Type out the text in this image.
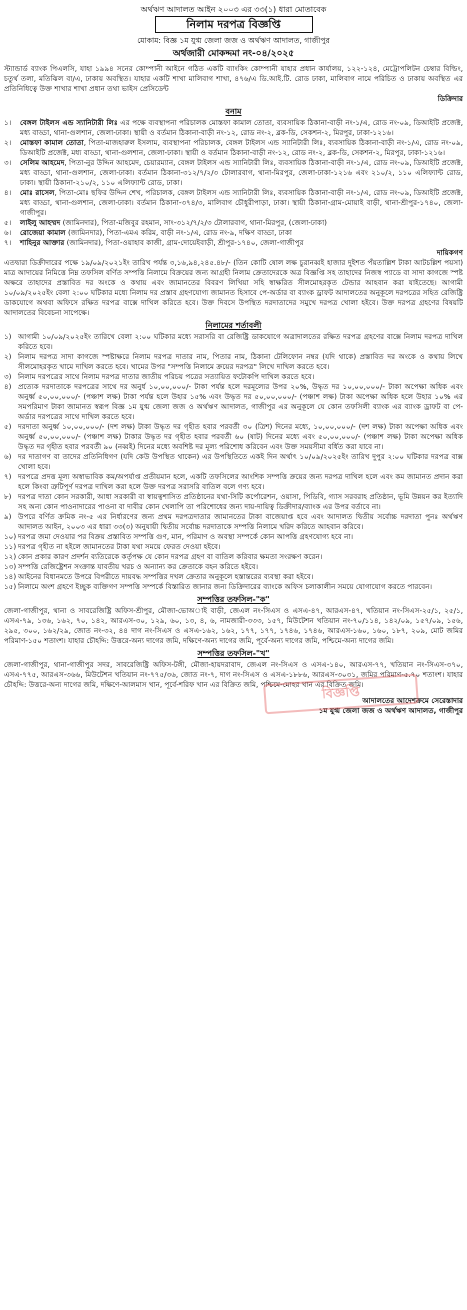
অর্থঋণ আদালত আইন ২০০৩ এর ৩৩(১) ধারা মোতাবেক
নিলাম দরপত্র বিজ্ঞপ্তি
মোকাম: বিজ্ঞ ১ম যুগ্ম জেলা জজ ও অর্থঋণ আদালত, গাজীপুর
অর্থজারী মোকদ্দমা নং-০৪/২০২৫

স্ট্যান্ডার্ড ব্যাংক পিএলসি, যাহা ১৯৯৪ সনের কোম্পানী আইনে গঠিত একটি ব্যাংকিং কোম্পানী যাহার প্রধান কার্যালয়, ১২২-১২৪, মেট্রোপলিটন চেম্বার বিল্ডিং, চতুর্থ তলা, মতিঝিল বা/এ, ঢাকায় অবস্থিত। যাহার একটি শাখা মালিবাগ শাখা, ৪৭৬/এ ডি.আই.টি. রোড ঢাকা, মালিবাগ নামে পরিচিত ও ঢাকায় অবস্থিত এর প্রতিনিধিত্বে উক্ত শাখার শাখা প্রধান তথা ভাইস প্রেসিডেন্ট

ডিক্রিদার
বনাম
১।	বেঙ্গল টাইলস এন্ড স্যানিটারী লিঃ এর পক্ষে ব্যবস্থাপনা পরিচালক মোস্তফা কামাল তোতা, ব্যবসায়িক ঠিকানা-বাড়ী নং-১/এ, রোড নং-০৯, ডিআইটি প্রজেক্ট, মধ্য বাড্ডা, থানা-গুলশান, জেলা-ঢাকা। স্থায়ী ও বর্তমান ঠিকানা-বাড়ী নং-১২, রোড নং-২, ব্লক-ডি, সেকশন-২, মিরপুর, ঢাকা-১২১৬।
২।	মোস্তফা কামাল তোতা, পিতা-মাজহারুল ইসলাম, ব্যবস্থাপনা পরিচালক, বেঙ্গল টাইলস এন্ড স্যানিটারী লিঃ, ব্যবসায়িক ঠিকানা-বাড়ী নং-১/এ, রোড নং-০৯, ডিআইটি প্রজেক্ট, মধ্য বাড্ডা, থানা-গুলশান, জেলা-ঢাকা। স্থায়ী ও বর্তমান ঠিকানা-বাড়ী নং-১২, রোড নং-২, ব্লক-ডি, সেকশন-২, মিরপুর, ঢাকা-১২১৬।
৩।	সেলিম আহমেদ, পিতা-নুর উদ্দিন আহমেদ, চেয়ারম্যান, বেঙ্গল টাইলস এন্ড স্যানিটারী লিঃ, ব্যবসায়িক ঠিকানা-বাড়ী নং-১/এ, রোড নং-০৯, ডিআইটি প্রজেক্ট, মধ্য বাড্ডা, থানা-গুলশান, জেলা-ঢাকা। বর্তমান ঠিকানা-৩১২/৭/২/৩ টোলারবাগ, থানা-মিরপুর, জেলা-ঢাকা-১২১৬ এবং ২১০/২, ১১০ এলিফ্যান্ট রোড, ঢাকা। স্থায়ী ঠিকানা-২১০/২, ১১০ এলিফ্যান্ট রোড, ঢাকা।
৪।	মোঃ রাসেল, পিতা-মোঃ ছফির উদ্দিন শেখ, পরিচালক, বেঙ্গল টাইলস এন্ড স্যানিটারী লিঃ, ব্যবসায়িক ঠিকানা-বাড়ী নং-১/এ, রোড নং-০৯, ডিআইটি প্রজেক্ট, মধ্য বাড্ডা, থানা-গুলশান, জেলা-ঢাকা। বর্তমান ঠিকানা-৩৭৪/৩, মালিবাগ চৌধুরীপাড়া, ঢাকা। স্থায়ী ঠিকানা-গ্রাম-মোয়াই বাড়ী, থানা-শ্রীপুর-১৭৪০, জেলা-গাজীপুর।
৫।	লাইলু আহম্মদ (জামিনদার), পিতা-মজিবুর রহমান, সাং-৩১২/৭/২/৩ টোলারবাগ, থানা-মিরপুর, (জেলা-ঢাকা)
৬।	রোজেয়া কামাল (জামিনদার), পিতা-এমএ করিম, বাড়ী নং-১/এ, রোড নং-৯, দক্ষিণ বাড্ডা, ঢাকা
৭।	শাহিনুর আক্তার (জামিনদার), পিতা-ওয়াহাব কাজী, গ্রাম-দোয়েইবাড়ী, শ্রীপুর-১৭৪০, জেলা-গাজীপুর
দায়িকগণ

এতদ্বারা ডিক্রীদারের পক্ষে ১৯/০৯/২০২১ইং তারিখ পর্যন্ত ৩,১৬,৯৪,২৪৫.৪৮/- (তিন কোটি ষোল লক্ষ চুরানব্বই হাজার দুইশত পঁয়তাল্লিশ টাকা আটচল্লিশ পয়সা) মাত্র আদায়ের নিমিত্তে নিম্ন তফসিল বর্ণিত সম্পত্তি নিলামে বিক্রয়ের জন্য আগ্রহী নিলাম ক্রেতাদেরকে অত্র বিজ্ঞপ্তি সহ তাহাদের নিজস্ব প্যাডে বা সাদা কাগজে স্পষ্ট অক্ষরে তাহাদের প্রস্তাবিত দর অংকে ও কথায় এবং জামানতের বিবরণ লিখিয়া সহি স্বাক্ষরিত সীলমোহরকৃত টেন্ডার আহবান করা যাইতেছে। আগামী ১০/০৯/২০২৫ইং বেলা ২:০০ ঘটিকার মধ্যে নিলাম দর প্রস্তাব গ্রহণযোগ্য জামানত হিসাবে পে-অর্ডার বা ব্যাংক ড্রাফট আদালতের অনুকূলে দরপত্রের সহিত রেজিষ্ট্রি ডাকযোগে অথবা অফিসে রক্ষিত দরপত্র বাক্সে দাখিল করিতে হবে। উক্ত দিবসে উপস্থিত দরদাতাদের সমুখে দরপত্র খোলা হইবে। উক্ত দরপত্র গ্রহণের বিষয়টি আদালতের বিবেচনা সাপেক্ষে।

নিলামের শর্তাবলী
১) আগামী ১০/০৯/২০২৫ইং তারিখে বেলা ২:০০ ঘটিকার মধ্যে সরাসরি বা রেজিষ্ট্রি ডাকযোগে অত্রাদালতের রক্ষিত দরপত্র গ্রহণের বাক্সে নিলাম দরপত্র দাখিল করিতে হবে।
২) নিলাম দরপত্র সাদা কাগজে স্পষ্টাক্ষরে নিলাম দরপত্র দাতার নাম, পিতার নাম, ঠিকানা টেলিফোন নম্বর (যদি থাকে) প্রস্তাবিত দর অংকে ও কথায় লিখে সীলমোহরকৃত খামে দাখিল করতে হবে। খামের উপর "সম্পত্তি নিলামে ক্রয়ের দরপত্র" লিখে দাখিল করতে হবে।
৩) নিলাম দরপত্রের সাথে নিলাম দরপত্র দাতার জাতীয় পরিচয় পত্রের সত্যায়িত ফটোকপি দাখিল করতে হবে।
৪) প্রত্যেক দরদাতাকে দরপত্রের সাথে দর অনুর্ধ ১০,০০,০০০/- টাকা পর্যন্ত হলে দরমূল্যের উপর ২০%, উদ্ধৃত দর ১০,০০,০০০/- টাকা অপেক্ষা অধিক এবং অনুর্ধ্ব ৫০,০০,০০০/- (পঞ্চাশ লক্ষ) টাকা পর্যন্ত হলে উহার ১৫% এবং উদ্ধৃত দর ৫০,০০,০০০/- (পঞ্চাশ লক্ষ) টাকা অপেক্ষা অধিক হলে উহার ১০% এর সমপরিমাণ টাকা জামানত স্বরূপ বিজ্ঞ ১ম যুগ্ম জেলা জজ ও অর্থঋণ আদালত, গাজীপুর এর অনুকূলে যে কোন তফসিলী ব্যাংক এর ব্যাংক ড্রাফট বা পে-অর্ডার দরপত্রের সাথে দাখিল করতে হবে।
৫) দরদাতা অনুর্ধ্ব ১০,০০,০০০/- (দশ লক্ষ) টাকা উদ্ধৃত দর গৃহীত হবার পরবর্তী ৩০ (ত্রিশ) দিনের মধ্যে, ১০,০০,০০০/- (দশ লক্ষ) টাকা অপেক্ষা অধিক এবং অনুর্ধ্ব ৫০,০০,০০০/- (পঞ্চাশ লক্ষ) টাকার উদ্ধৃত দর গৃহীত হবার পরবর্তী ৬০ (ষাট) দিনের মধ্যে এবং ৫০,০০,০০০/- (পঞ্চাশ লক্ষ) টাকা অপেক্ষা অধিক উদ্ধৃত দর গৃহীত হবার পরবর্তী ৯০ (নব্বই) দিনের মধ্যে অবশিষ্ট দর মূল্য পরিশোধ করিবেন এবং উক্ত সময়সীমা বর্ধিত করা যাবে না।
৬) দর দাতাগণ বা তাদের প্রতিনিধিগণ (যদি কেউ উপস্থিত থাকেন) এর উপস্থিতিতে একই দিন অর্থাৎ ১০/০৯/২০২৫ইং তারিখ দুপুর ২:০০ ঘটিকার দরপত্র বাক্স খোলা হবে।
৭) দরপত্রে প্রদত্ত মূল্য অস্বাভাবিক কম/অপর্যাপ্ত প্রতীয়মান হলে, একটি তফসিলের আংশিক সম্পত্তি ক্রয়ের জন্য দরপত্র দাখিল হলে এবং কম জামানত প্রদান করা হলে কিংবা ত্রুটিপূর্ণ দরপত্র দাখিল করা হলে উক্ত দরপত্র সরাসরি বাতিল বলে গণ্য হবে।
৮) দরপত্র দাতা কোন সরকারী, আধা সরকারী বা স্বায়ত্বশাসিত প্রতিষ্ঠানের যথা-সিটি কর্পোরেশন, ওয়াসা, পিডিবি, গ্যাস সরবরাহ প্রতিষ্ঠান, ভূমি উন্নয়ন কর ইত্যাদি সহ অন্য কোন পাওনাদারের পাওনা বা দাবীর কোন খেলাপি তা পরিশোধের জন্য দায়-দায়িত্ব ডিক্রীদার/ব্যাংক এর উপর বর্তাবে না।
৯) উপরে বর্ণিত ক্রমিক নং-৫ এর নির্ধারণের জন্য প্রথম দরপত্রদাতার জামানতের টাকা বাজেয়াপ্ত হবে এবং আদালত দ্বিতীয় সর্বোচ্চ দরদাতা পুনঃ অর্থঋণ আদালত আইন, ২০০৩ এর ধারা ৩৩(৩) অনুযায়ী দ্বিতীয় সর্বোচ্চ দরদাতাকে সম্পত্তি নিলামে খরিদ করিতে আহবান করিবে।
১০) দরপত্র জমা দেওয়ার পর বিক্রয় প্রস্তাবিত সম্পত্তি গুণ, মান, পরিমাণ ও অবস্থা সম্পর্কে কোন আপত্তি গ্রহণযোগ্য হবে না।
১১) দরপত্র গৃহীত না হইলে জামানতের টাকা যথা সময়ে ফেরত দেওয়া হইবে।
১২) কোন প্রকার কারণ প্রদর্শন ব্যতিরেকে কর্তৃপক্ষ যে কোন দরপত্র গ্রহণ বা বাতিল করিবার ক্ষমতা সংরক্ষণ করেন।
১৩) সম্পত্তি রেজিষ্ট্রেশন সংক্রান্ত যাবতীয় খরচ ও অন্যান্য কর ক্রেতাকে বহন করিতে হইবে।
১৪) আইনের বিধানমতে উপরে বিপরীতে দায়বদ্ধ সম্পত্তির দখল ক্রেতার অনুকূলে হস্তান্তরের ব্যবস্থা করা হইবে।
১৫) নিলামে অংশ গ্রহণে ইচ্ছুক ব্যক্তিগণ সম্পত্তি সম্পর্কে বিস্তারিত জানার জন্য ডিক্রিদারের ব্যাংকে অফিস চলাকালীন সময়ে যোগাযোগ করতে পারবেন।
বিজ্ঞপ্তি
সম্পত্তির তফসিল-"ক"

জেলা-গাজীপুর, থানা ও সাবরেজিষ্ট্রি অফিস-শ্রীপুর, মৌজা-ভোঅাই বাড়ী, জেএল নং-সিএস ও এসএ-৪৭, আরএস-৪৭, খতিয়ান নং-সিএস-২৫/১, ২৫/১, এসএ-৭৯, ১৩৬, ১৬২, ৭০, ১৪২, আরএস-৩০, ১২৯, ৬০, ১৩, ৪, ৬, নামজারী-৩৩৩, ১৫৭, মিউটেশন খতিয়ান নং-৭০/১১৪, ১৪২/০৯, ১৫৭/০৯, ১৫৬, ২৯৫, ৩০০, ১৬২/২৯, জোত নং-৩২, ৪৪ দাগ নং-সিএস ও এসএ-১৬২, ১৬২, ১৭৭, ১৭৭, ১৭৪৬, ১৭৪৬, আরএস-১৬০, ১৬০, ১৮৭, ২০৯, মোট জমির পরিমাণ-১৫০ শতাংশ। যাহার চৌহদ্দি: উত্তরে-অন্য দাগের জমি, দক্ষিণে-অন্য দাগের জমি, পূর্বে-অন্য দাগের জমি, পশ্চিমে-অন্য দাগের জমি।

সম্পত্তির তফসিল-"খ"

জেলা-গাজীপুর, থানা-গাজীপুর সদর, সাবরেজিষ্ট্রি অফিস-টঙ্গী, মৌজা-হায়দরাবাদ, জেএল নং-সিএস ও এসএ-১৪০, আরএস-৭৭, খতিয়ান নং-সিএস-৩৭০, এসএ-৭৭৫, আরএস-৩৬৬, মিউটেশন খতিয়ান নং-৭৭৫/৩৬, জোত নং-৭, দাগ নং-সিএস ও এসএ-১৮৮৬, আরএস-৩০৩১, জমির পরিমাণ-৫.৭০ শতাংশ। যাহার চৌহদ্দি: উত্তরে-অন্য দাগের জমি, দক্ষিণে-আলমাস খান, পূর্বে-শরিফ খান এর বিক্রিত জমি, পশ্চিমে-মোহর খান এর বিক্রিত জমি।

আদালতের আদেশক্রমে সেরেস্তাদার
১ম যুগ্ম জেলা জজ ও অর্থঋণ আদালত, গাজীপুর
